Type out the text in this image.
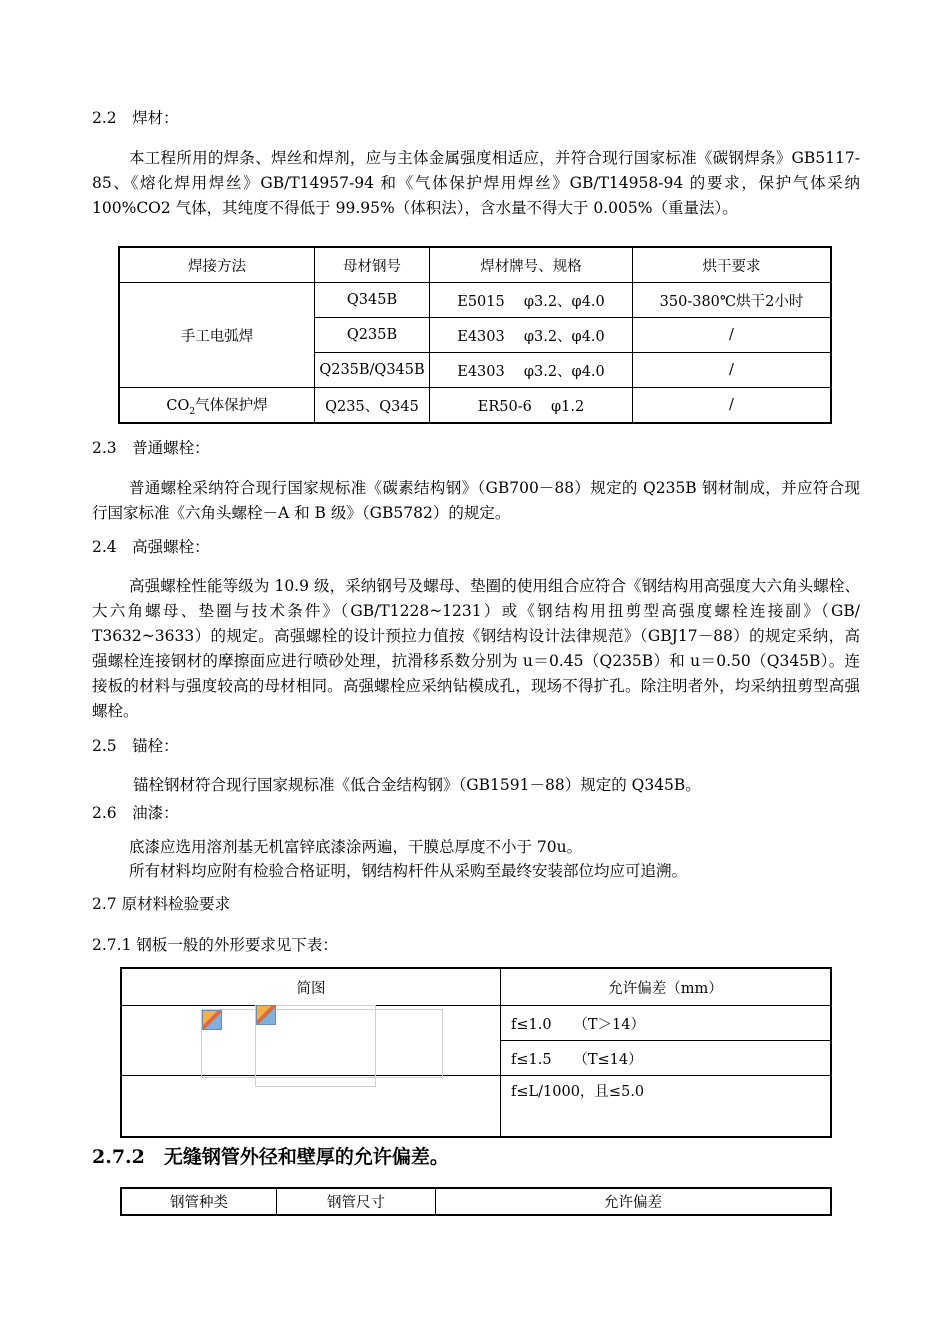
2.2　焊材：
本工程所用的焊条、焊丝和焊剂，应与主体金属强度相适应，并符合现行国家标准《碳钢焊条》GB5117-85、《熔化焊用焊丝》GB/T14957-94 和《气体保护焊用焊丝》GB/T14958-94 的要求，保护气体采纳 100%CO2 气体，其纯度不得低于 99.95%（体积法），含水量不得大于 0.005%（重量法）。
焊接方法	母材钢号	焊材牌号、规格	烘干要求
手工电弧焊	Q345B	E5015　 φ3.2、φ4.0	350-380℃烘干2小时
	Q235B	E4303　 φ3.2、φ4.0	/
	Q235B/Q345B	E4303　 φ3.2、φ4.0	/
$CO_2$气体保护焊	Q235、Q345	ER50-6　 φ1.2	/
2.3　普通螺栓：
普通螺栓采纳符合现行国家规标准《碳素结构钢》（GB700－88）规定的 Q235B 钢材制成，并应符合现行国家标准《六角头螺栓－A 和 B 级》（GB5782）的规定。
2.4　高强螺栓：
高强螺栓性能等级为 10.9 级，采纳钢号及螺母、垫圈的使用组合应符合《钢结构用高强度大六角头螺栓、大六角螺母、垫圈与技术条件》（GB/T1228~1231）或《钢结构用扭剪型高强度螺栓连接副》（GB/ T3632~3633）的规定。高强螺栓的设计预拉力值按《钢结构设计法律规范》（GBJ17－88）的规定采纳，高强螺栓连接钢材的摩擦面应进行喷砂处理，抗滑移系数分别为 u＝0.45（Q235B）和 u＝0.50（Q345B）。连接板的材料与强度较高的母材相同。高强螺栓应采纳钻模成孔，现场不得扩孔。除注明者外，均采纳扭剪型高强螺栓。
2.5　锚栓：
锚栓钢材符合现行国家规标准《低合金结构钢》（GB1591－88）规定的 Q345B。
2.6　油漆：
底漆应选用溶剂基无机富锌底漆涂两遍，干膜总厚度不小于 70u。
所有材料均应附有检验合格证明，钢结构杆件从采购至最终安装部位均应可追溯。
2.7 原材料检验要求
2.7.1 钢板一般的外形要求见下表：
简图	允许偏差（mm）
	f≤1.0　　（T＞14）
	f≤1.5　　（T≤14）
	f≤L/1000，且≤5.0
2.7.2　无缝钢管外径和壁厚的允许偏差。
钢管种类	钢管尺寸	允许偏差
